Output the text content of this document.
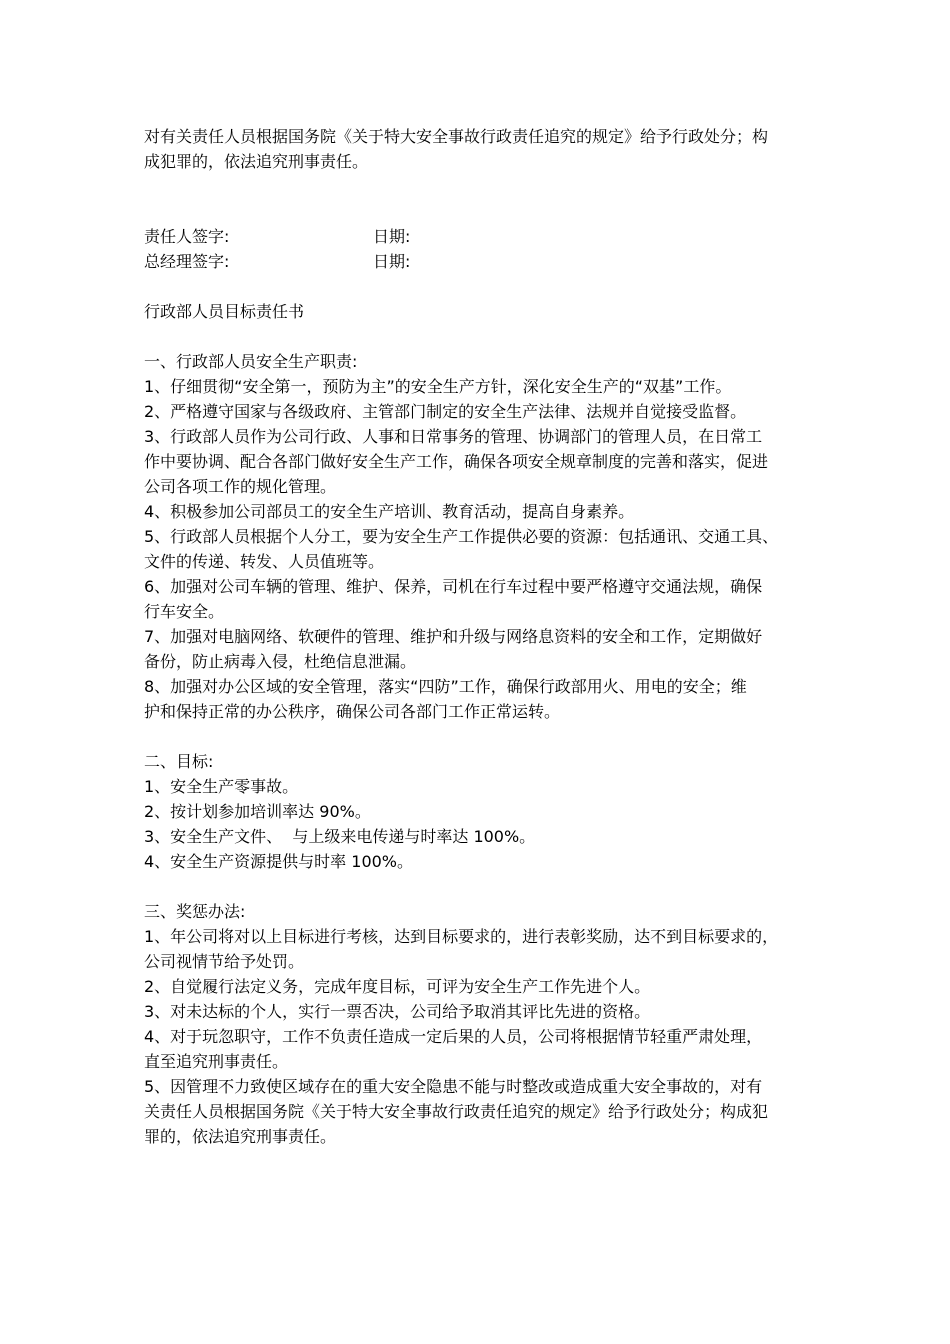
对有关责任人员根据国务院《关于特大安全事故行政责任追究的规定》给予行政处分；构
成犯罪的，依法追究刑事责任。
责任人签字:	日期:
总经理签字:	日期:
行政部人员目标责任书
一、行政部人员安全生产职责:
1、仔细贯彻“安全第一，预防为主”的安全生产方针，深化安全生产的“双基”工作。
2、严格遵守国家与各级政府、主管部门制定的安全生产法律、法规并自觉接受监督。
3、行政部人员作为公司行政、人事和日常事务的管理、协调部门的管理人员，在日常工
作中要协调、配合各部门做好安全生产工作，确保各项安全规章制度的完善和落实，促进
公司各项工作的规化管理。
4、积极参加公司部员工的安全生产培训、教育活动，提高自身素养。
5、行政部人员根据个人分工，要为安全生产工作提供必要的资源：包括通讯、交通工具、
文件的传递、转发、人员值班等。
6、加强对公司车辆的管理、维护、保养，司机在行车过程中要严格遵守交通法规，确保
行车安全。
7、加强对电脑网络、软硬件的管理、维护和升级与网络息资料的安全和工作，定期做好
备份，防止病毒入侵，杜绝信息泄漏。
8、加强对办公区域的安全管理，落实“四防”工作，确保行政部用火、用电的安全；维
护和保持正常的办公秩序，确保公司各部门工作正常运转。
二、目标:
1、安全生产零事故。
2、按计划参加培训率达 90%。
3、安全生产文件、  与上级来电传递与时率达 100%。
4、安全生产资源提供与时率 100%。
三、奖惩办法:
1、年公司将对以上目标进行考核，达到目标要求的，进行表彰奖励，达不到目标要求的，
公司视情节给予处罚。
2、自觉履行法定义务，完成年度目标，可评为安全生产工作先进个人。
3、对未达标的个人，实行一票否决，公司给予取消其评比先进的资格。
4、对于玩忽职守，工作不负责任造成一定后果的人员，公司将根据情节轻重严肃处理，
直至追究刑事责任。
5、因管理不力致使区域存在的重大安全隐患不能与时整改或造成重大安全事故的，对有
关责任人员根据国务院《关于特大安全事故行政责任追究的规定》给予行政处分；构成犯
罪的，依法追究刑事责任。
